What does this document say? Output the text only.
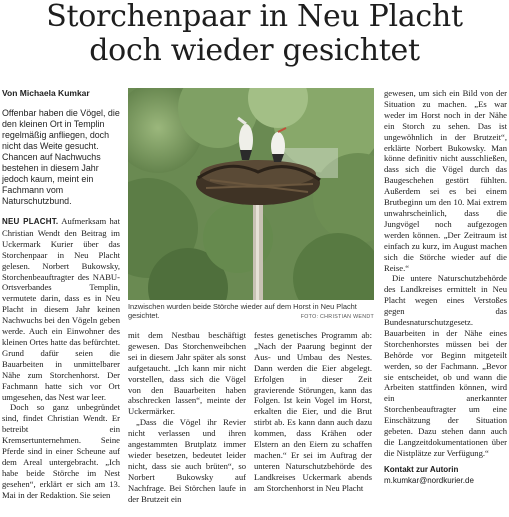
Storchenpaar in Neu Placht
doch wieder gesichtet
Von Michaela Kumkar
Offenbar haben die Vögel, die den kleinen Ort in Templin regelmäßig anfliegen, doch nicht das Weite gesucht. Chancen auf Nachwuchs bestehen in diesem Jahr jedoch kaum, meint ein Fachmann vom Naturschutzbund.

NEU PLACHT. Aufmerksam hat Christian Wendt den Beitrag im Uckermark Kurier über das Storchenpaar in Neu Placht gelesen. Norbert Bukowsky, Storchenbeauftragter des NABU-Ortsverbandes Templin, vermutete darin, dass es in Neu Placht in diesem Jahr keinen Nachwuchs bei den Vögeln geben werde. Auch ein Einwohner des kleinen Ortes hatte das befürchtet. Grund dafür seien die Bauarbeiten in unmittelbarer Nähe zum Storchenhorst. Der Fachmann hatte sich vor Ort umgesehen, das Nest war leer.

Doch so ganz unbegründet sind, findet Christian Wendt. Er betreibt ein Kremsertunternehmen. Seine Pferde sind in einer Scheune auf dem Areal untergebracht. „Ich habe beide Störche im Nest gesehen“, erklärt er sich am 13. Mai in der Redaktion. Sie seien

Inzwischen wurden beide Störche wieder auf dem Horst in Neu Placht gesichtet.	FOTO: CHRISTIAN WENDT

mit dem Nestbau beschäftigt gewesen. Das Storchenweibchen sei in diesem Jahr später als sonst aufgetaucht. „Ich kann mir nicht vorstellen, dass sich die Vögel von den Bauarbeiten haben abschrecken lassen“, meinte der Uckermärker.

„Dass die Vögel ihr Revier nicht verlassen und ihren angestammten Brutplatz immer wieder besetzen, bedeutet leider nicht, dass sie auch brüten“, so Norbert Bukowsky auf Nachfrage. Bei Störchen laufe in der Brutzeit ein

festes genetisches Programm ab: „Nach der Paarung beginnt der Aus- und Umbau des Nestes. Dann werden die Eier abgelegt. Erfolgen in dieser Zeit gravierende Störungen, kann das Folgen. Ist kein Vogel im Horst, erkalten die Eier, und die Brut stirbt ab. Es kann dann auch dazu kommen, dass Krähen oder Elstern an den Eiern zu schaffen machen.“ Er sei im Auftrag der unteren Naturschutzbehörde des Landkreises Uckermark abends am Storchenhorst in Neu Placht

gewesen, um sich ein Bild von der Situation zu machen. „Es war weder im Horst noch in der Nähe ein Storch zu sehen. Das ist ungewöhnlich in der Brutzeit“, erklärte Norbert Bukowsky. Man könne definitiv nicht ausschließen, dass sich die Vögel durch das Baugeschehen gestört fühlten. Außerdem sei es bei einem Brutbeginn um den 10. Mai extrem unwahrscheinlich, dass die Jungvögel noch aufgezogen werden können. „Der Zeitraum ist einfach zu kurz, im August machen sich die Störche wieder auf die Reise.“

Die untere Naturschutzbehörde des Landkreises ermittelt in Neu Placht wegen eines Verstoßes gegen das Bundesnaturschutzgesetz. Bauarbeiten in der Nähe eines Storchenhorstes müssen bei der Behörde vor Beginn mitgeteilt werden, so der Fachmann. „Bevor sie entscheidet, ob und wann die Arbeiten stattfinden können, wird ein anerkannter Storchenbeauftragter um eine Einschätzung der Situation gebeten. Dazu stehen dann auch die Langzeitdokumentationen über die Nistplätze zur Verfügung.“

Kontakt zur Autorin
m.kumkar@nordkurier.de
